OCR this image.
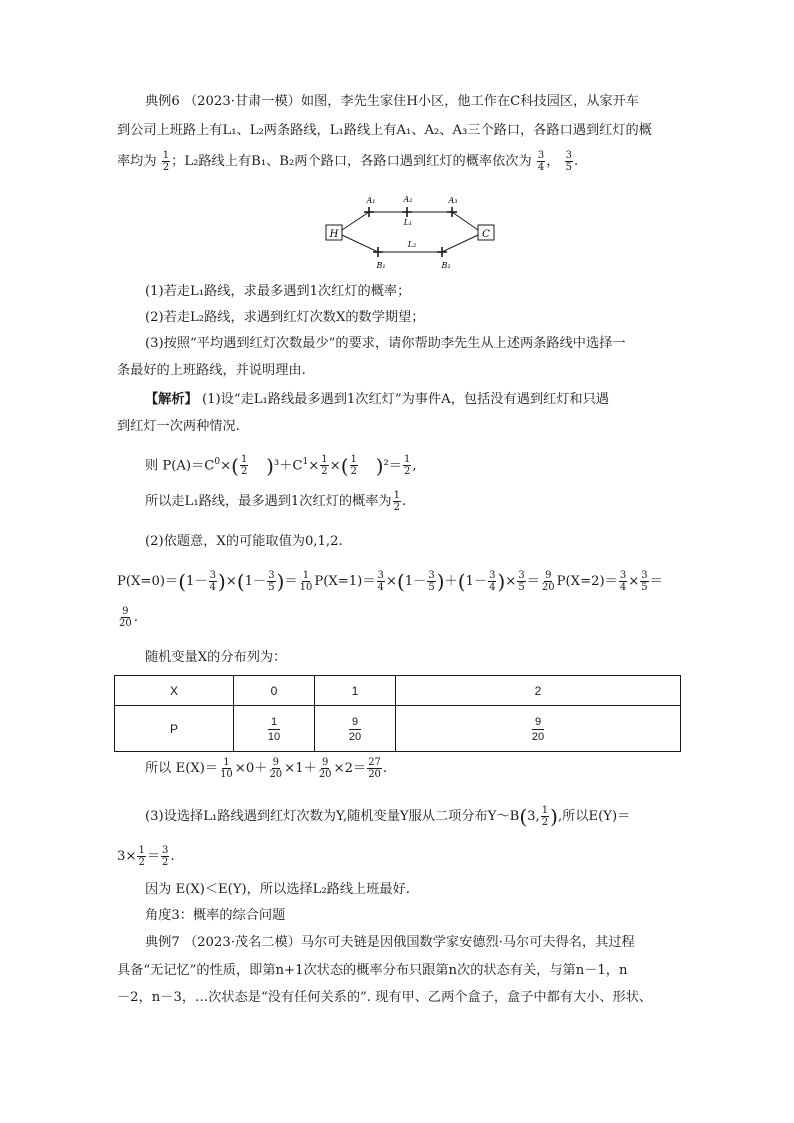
典例6 （2023·甘肃一模）如图，李先生家住H小区，他工作在C科技园区，从家开车
到公司上班路上有L₁、L₂两条路线，L₁路线上有A₁、A₂、A₃三个路口，各路口遇到红灯的概
率均为 $\frac{1}{2}$ ；L₂路线上有B₁、B₂两个路口，各路口遇到红灯的概率依次为 $\frac{3}{4}$ ， $\frac{3}{5}$ .
H	C
A₁	A₂	A₃
L₁
L₂
B₁	B₂
(1)若走L₁路线，求最多遇到1次红灯的概率；
(2)若走L₂路线，求遇到红灯次数X的数学期望；
(3)按照“平均遇到红灯次数最少”的要求，请你帮助李先生从上述两条路线中选择一
条最好的上班路线，并说明理由.
【解析】 (1)设“走L₁路线最多遇到1次红灯”为事件A，包括没有遇到红灯和只遇
到红灯一次两种情况.
则 $P(A)=C^0\times( \frac{1}{2} )^3+C^1\times \frac{1}{2}$ ×( $\frac{1}{2} )^2= \frac{1}{2}$ ,
所以走L₁路线，最多遇到1次红灯的概率为 $\frac{1}{2}$ .
(2)依题意，X的可能取值为0,1,2.
$P(X=0)=(1- \frac{3}{4} )\times(1- \frac{3}{5}$ )＝ $\frac{1}{10} P(X=1)= \frac{3}{4} \times(1- \frac{3}{5} )+(1- \frac{3}{4}$ )× $\frac{3}{5} = \frac{9}{20} P(X=2)= \frac{3}{4} \times \frac{3}{5}$ ＝
$\frac{9}{20}$ .
随机变量X的分布列为：
X	0	1	2
P	$\frac{1}{10}$	$\frac{9}{20}$	$\frac{9}{20}$
所以 $E(X)= \frac{1}{10} \times 0+ \frac{9}{20} \times 1+ \frac{9}{20} \times 2= \frac{27}{20}$ .
(3)设选择L₁路线遇到红灯次数为Y,随机变量Y服从二项分布Y～B(3, $\frac{1}{2}$ ),所以E(Y)＝
$3\times \frac{1}{2} = \frac{3}{2}$ .
因为 E(X)＜E(Y)，所以选择L₂路线上班最好.
角度3：概率的综合问题
典例7 （2023·茂名二模）马尔可夫链是因俄国数学家安德烈·马尔可夫得名，其过程
具备“无记忆”的性质，即第n+1次状态的概率分布只跟第n次的状态有关，与第n－1，n
－2，n－3，…次状态是“没有任何关系的”. 现有甲、乙两个盒子，盒子中都有大小、形状、
